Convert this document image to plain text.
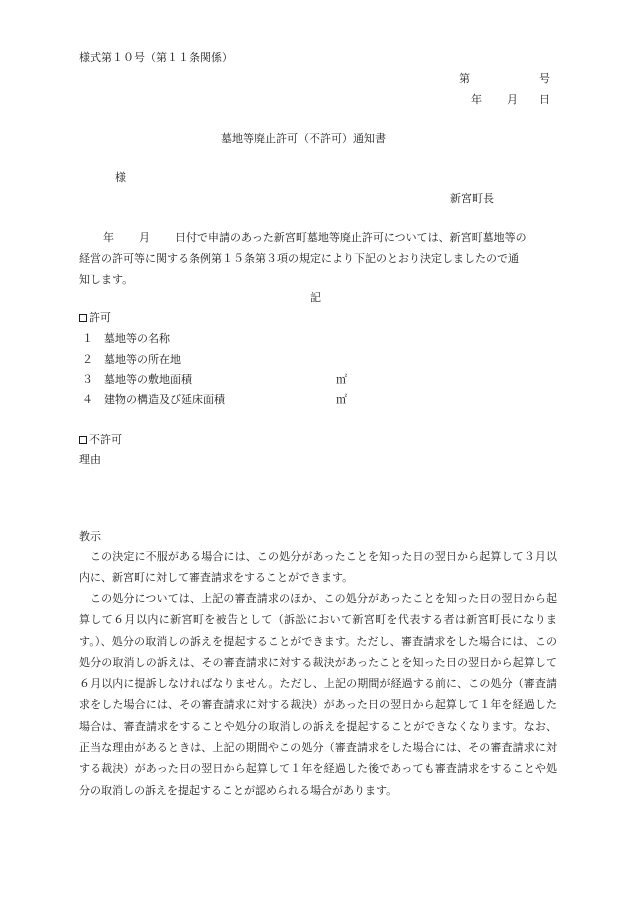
様式第１０号（第１１条関係）
第	号
年 月 日
墓地等廃止許可（不許可）通知書
様
新宮町長
年 月 日付で申請のあった新宮町墓地等廃止許可については、新宮町墓地等の
経営の許可等に関する条例第１５条第３項の規定により下記のとおり決定しましたので通
知します。
記
許可
１ 墓地等の名称
２ 墓地等の所在地
３ 墓地等の敷地面積	㎡
４ 建物の構造及び延床面積	㎡
不許可
理由
教示
この決定に不服がある場合には、この処分があったことを知った日の翌日から起算して３月以内に、新宮町に対して審査請求をすることができます。
この処分については、上記の審査請求のほか、この処分があったことを知った日の翌日から起算して６月以内に新宮町を被告として（訴訟において新宮町を代表する者は新宮町長になります。）、処分の取消しの訴えを提起することができます。ただし、審査請求をした場合には、この処分の取消しの訴えは、その審査請求に対する裁決があったことを知った日の翌日から起算して６月以内に提訴しなければなりません。ただし、上記の期間が経過する前に、この処分（審査請求をした場合には、その審査請求に対する裁決）があった日の翌日から起算して１年を経過した場合は、審査請求をすることや処分の取消しの訴えを提起することができなくなります。なお、正当な理由があるときは、上記の期間やこの処分（審査請求をした場合には、その審査請求に対する裁決）があった日の翌日から起算して１年を経過した後であっても審査請求をすることや処分の取消しの訴えを提起することが認められる場合があります。
